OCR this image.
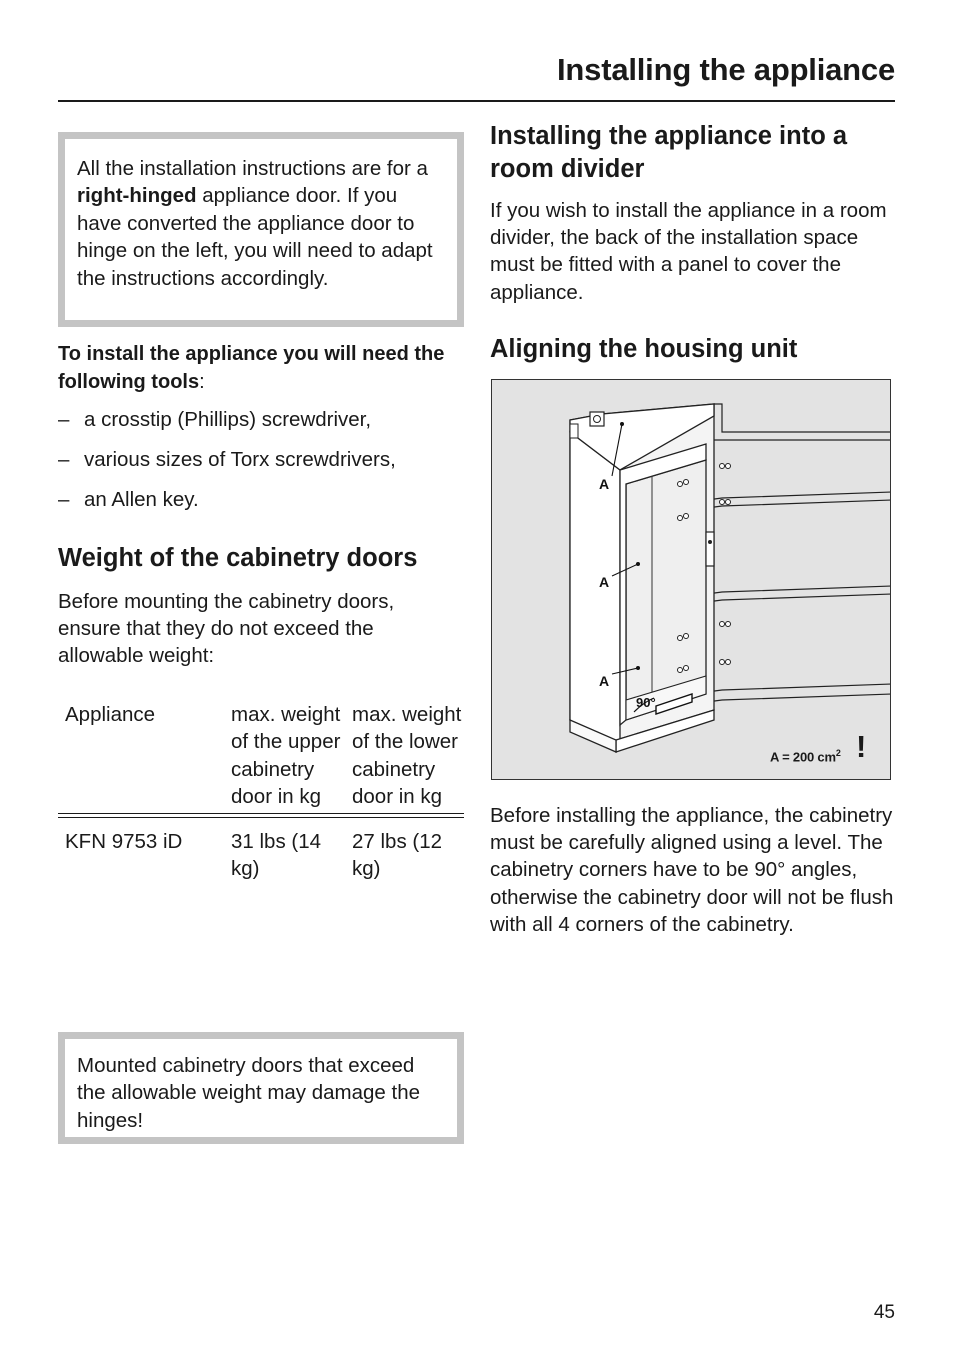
Installing the appliance

All the installation instructions are for a right-hinged appliance door. If you have converted the appliance door to hinge on the left, you will need to adapt the instructions accordingly.

To install the appliance you will need the following tools:

– a crosstip (Phillips) screwdriver,
– various sizes of Torx screwdrivers,
– an Allen key.
Weight of the cabinetry doors

Before mounting the cabinetry doors, ensure that they do not exceed the allowable weight:

Appliance	max. weight of the upper cabinetry door in kg	max. weight of the lower cabinetry door in kg

KFN 9753 iD	31 lbs (14 kg)	27 lbs (12 kg)

Mounted cabinetry doors that exceed the allowable weight may damage the hinges!

Installing the appliance into a room divider

If you wish to install the appliance in a room divider, the back of the installation space must be fitted with a panel to cover the appliance.

Aligning the housing unit
A
A
A
90°
A = 200 $cm^2$ !

Before installing the appliance, the cabinetry must be carefully aligned using a level. The cabinetry corners have to be 90° angles, otherwise the cabinetry door will not be flush with all 4 corners of the cabinetry.

45
